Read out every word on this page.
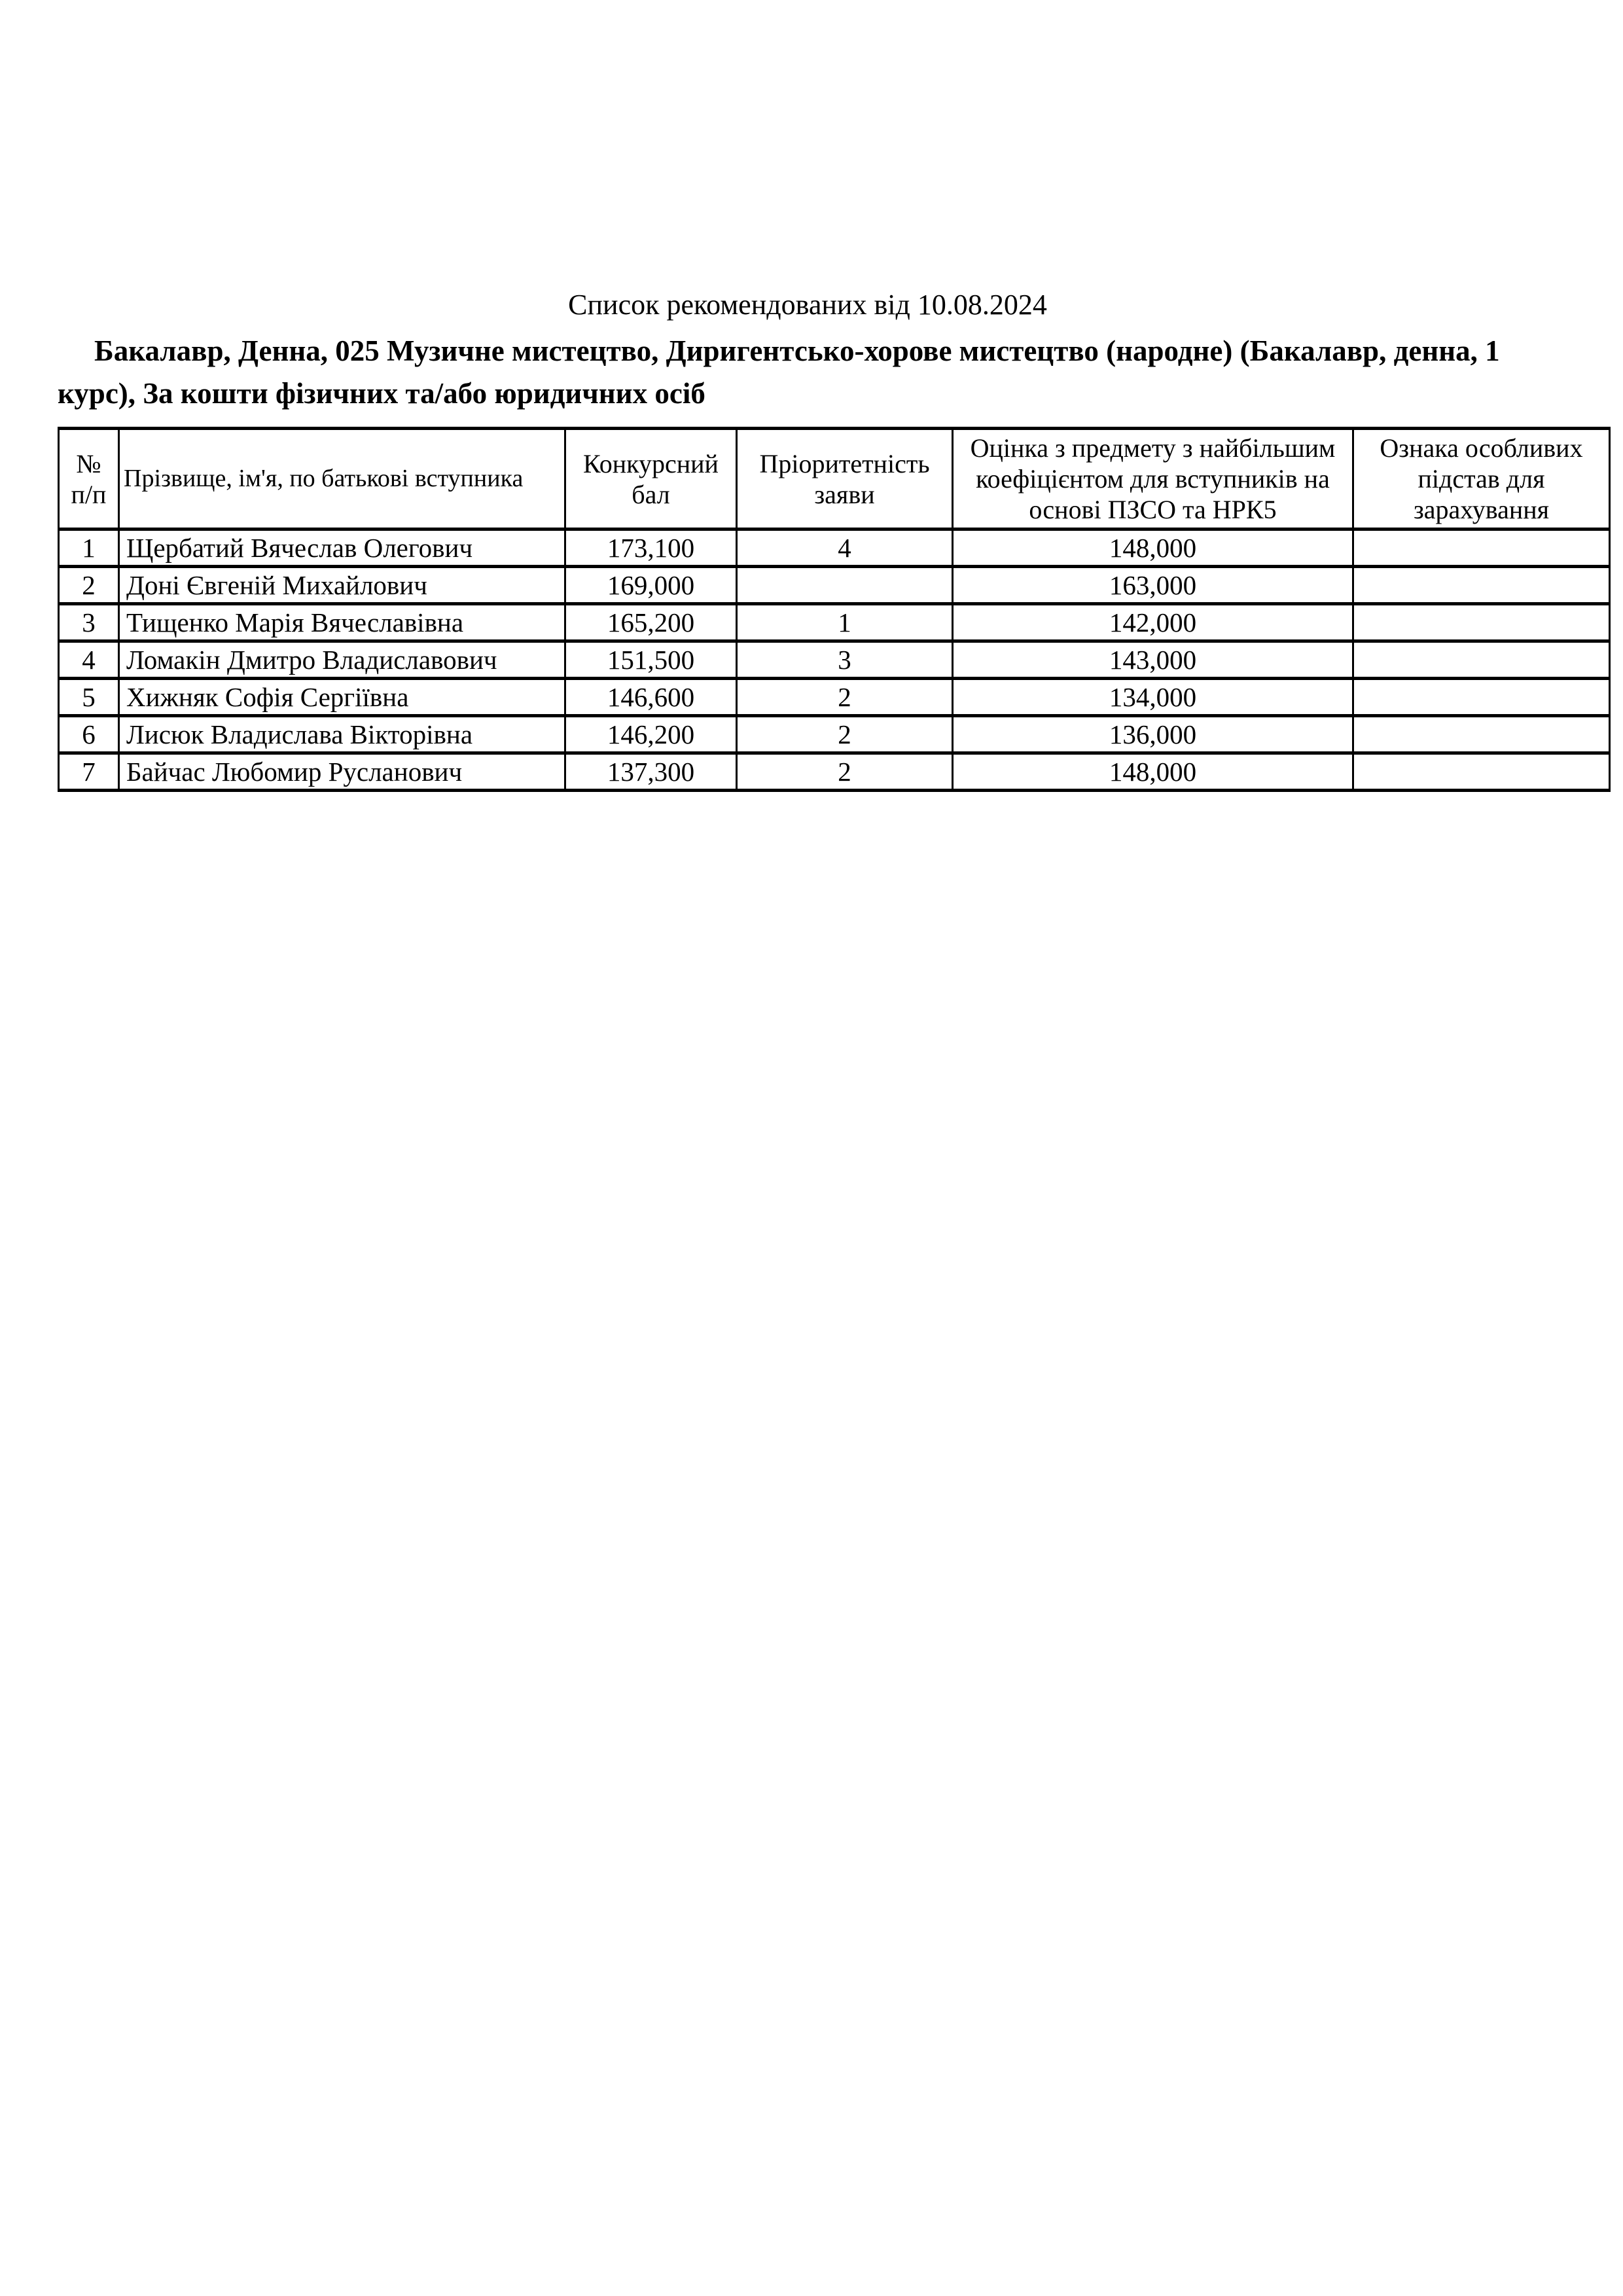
Список рекомендованих від 10.08.2024

Бакалавр, Денна, 025 Музичне мистецтво, Диригентсько-хорове мистецтво (народне) (Бакалавр, денна, 1 курс), За кошти фізичних та/або юридичних осіб

№
п/п	Прізвище, ім'я, по батькові вступника	Конкурсний бал	Пріоритетність заяви	Оцінка з предмету з найбільшим коефіцієнтом для вступників на основі ПЗСО та НРК5	Ознака особливих підстав для зарахування
1	Щербатий Вячеслав Олегович	173,100	4	148,000	
2	Доні Євгеній Михайлович	169,000		163,000	
3	Тищенко Марія Вячеславівна	165,200	1	142,000	
4	Ломакін Дмитро Владиславович	151,500	3	143,000	
5	Хижняк Софія Сергіївна	146,600	2	134,000	
6	Лисюк Владислава Вікторівна	146,200	2	136,000	
7	Байчас Любомир Русланович	137,300	2	148,000	
